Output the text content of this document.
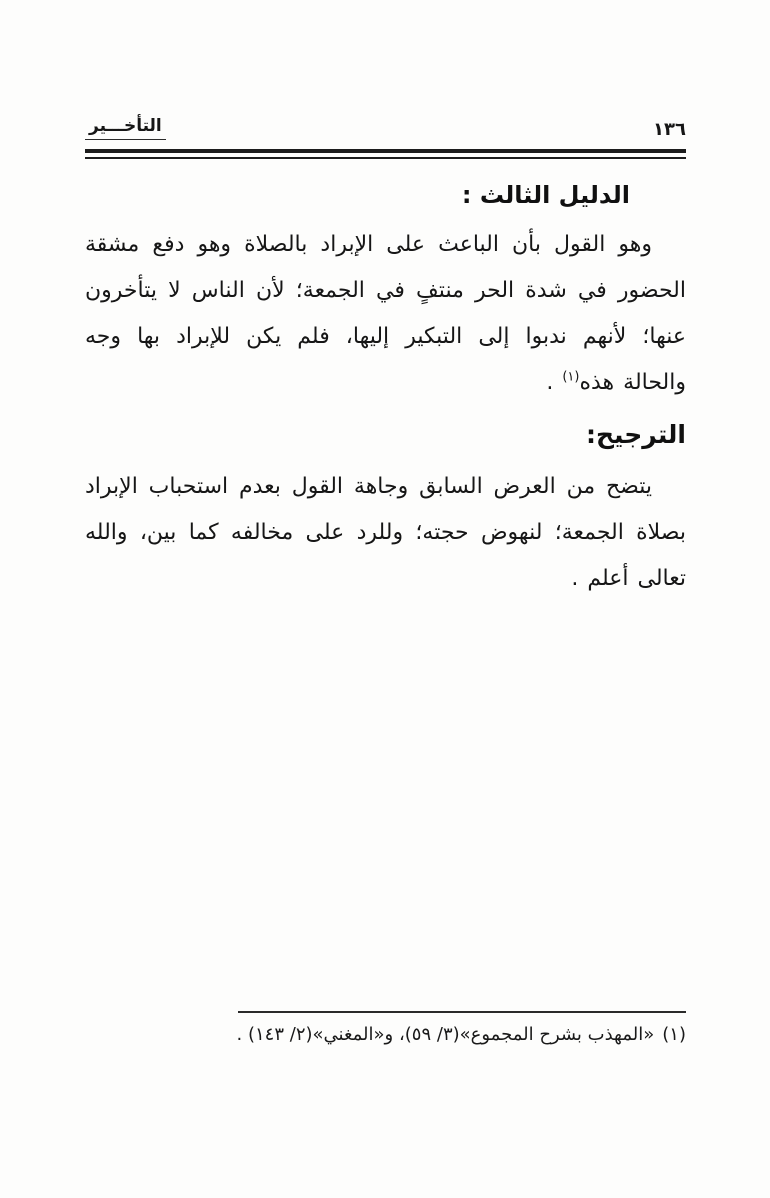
التأخـــير	١٣٦
الدليل الثالث :

وهو القول بأن الباعث على الإبراد بالصلاة وهو دفع مشقة الحضور في شدة الحر منتفٍ في الجمعة؛ لأن الناس لا يتأخرون عنها؛ لأنهم ندبوا إلى التبكير إليها، فلم يكن للإبراد بها وجه والحالة هذه$^{(١)}$ .

الترجيح:

يتضح من العرض السابق وجاهة القول بعدم استحباب الإبراد بصلاة الجمعة؛ لنهوض حجته؛ وللرد على مخالفه كما بين، والله تعالى أعلم .

(١)«المهذب بشرح المجموع»(٣/ ٥٩)، و«المغني»(٢/ ١٤٣) .
